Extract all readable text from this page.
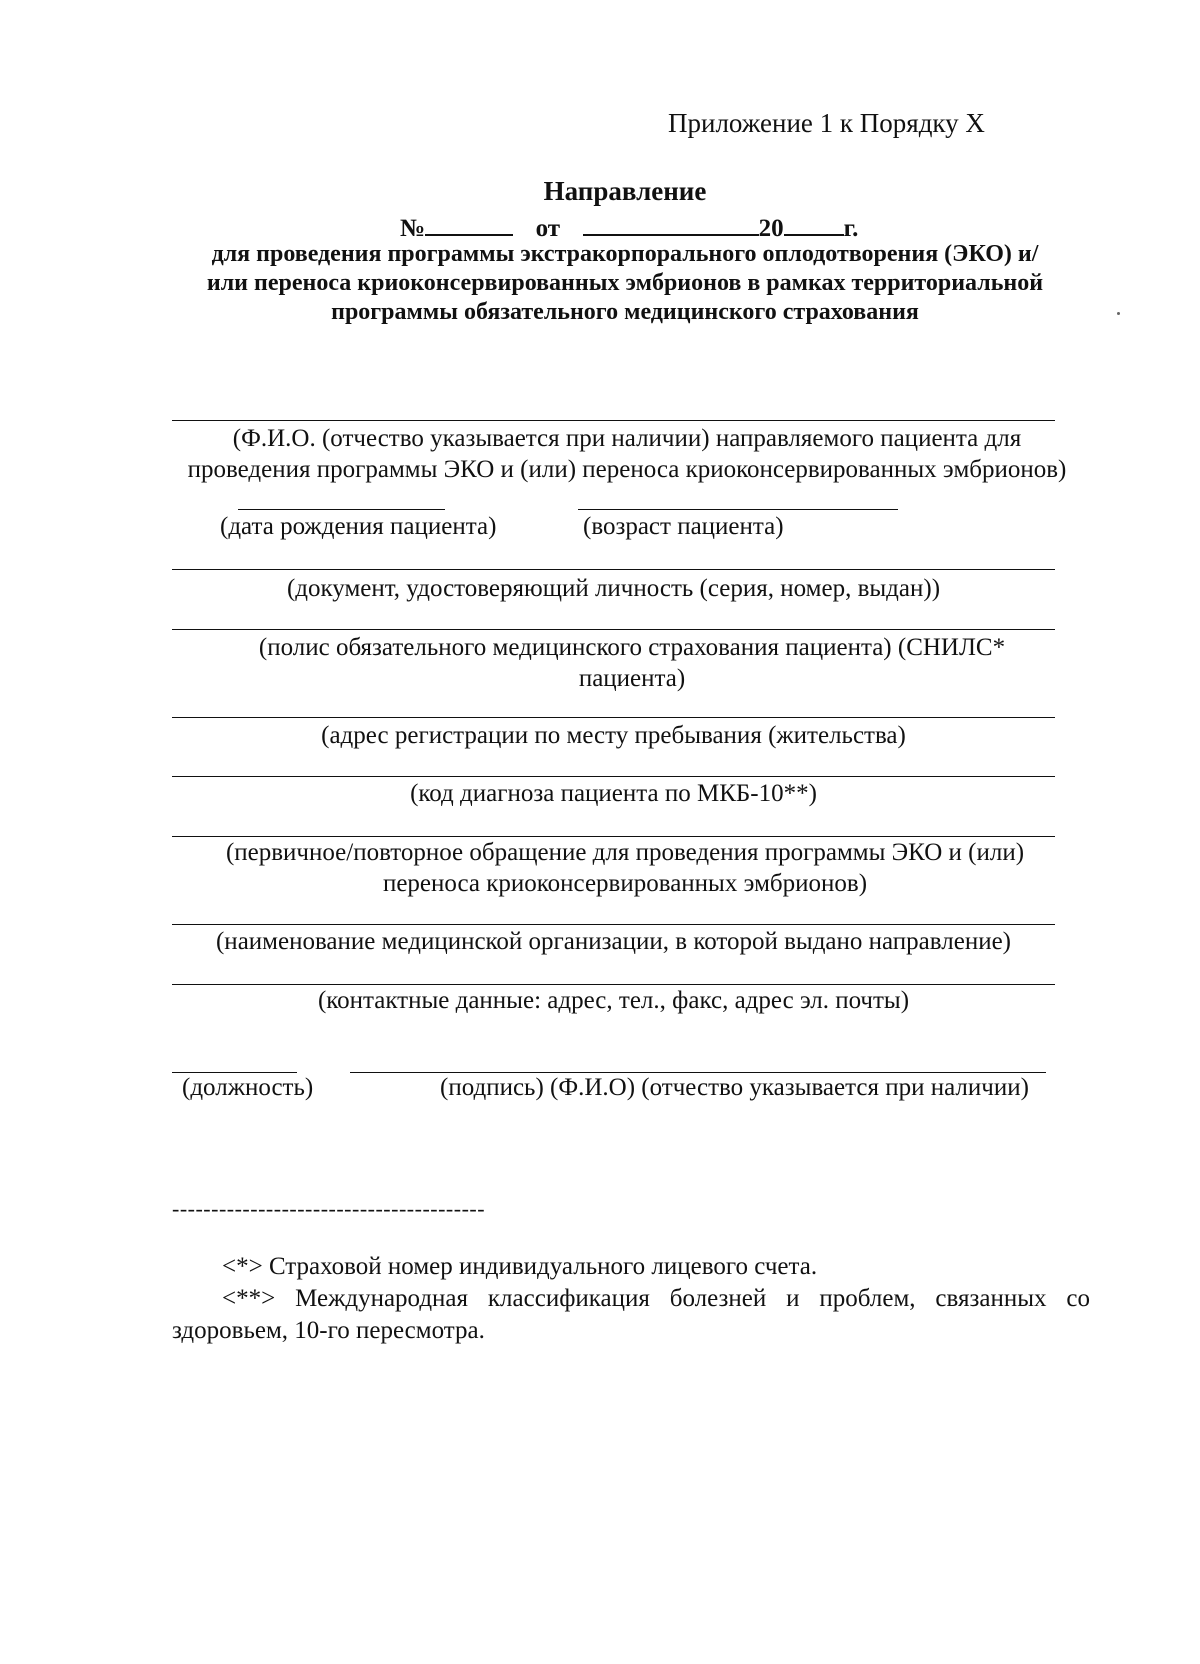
Приложение 1 к Порядку X
Направление
№	от	20 г.
для проведения программы экстракорпорального оплодотворения (ЭКО) и/или переноса криоконсервированных эмбрионов в рамках территориальной программы обязательного медицинского страхования
(Ф.И.О. (отчество указывается при наличии) направляемого пациента для проведения программы ЭКО и (или) переноса криоконсервированных эмбрионов)
(дата рождения пациента)	(возраст пациента)
(документ, удостоверяющий личность (серия, номер, выдан))
(полис обязательного медицинского страхования пациента) (СНИЛС* пациента)
(адрес регистрации по месту пребывания (жительства)
(код диагноза пациента по МКБ-10**)
(первичное/повторное обращение для проведения программы ЭКО и (или) переноса криоконсервированных эмбрионов)
(наименование медицинской организации, в которой выдано направление)
(контактные данные: адрес, тел., факс, адрес эл. почты)
(должность)	(подпись) (Ф.И.О) (отчество указывается при наличии)
----------------------------------------
<*> Страховой номер индивидуального лицевого счета.
<**> Международная классификация болезней и проблем, связанных со здоровьем, 10-го пересмотра.
